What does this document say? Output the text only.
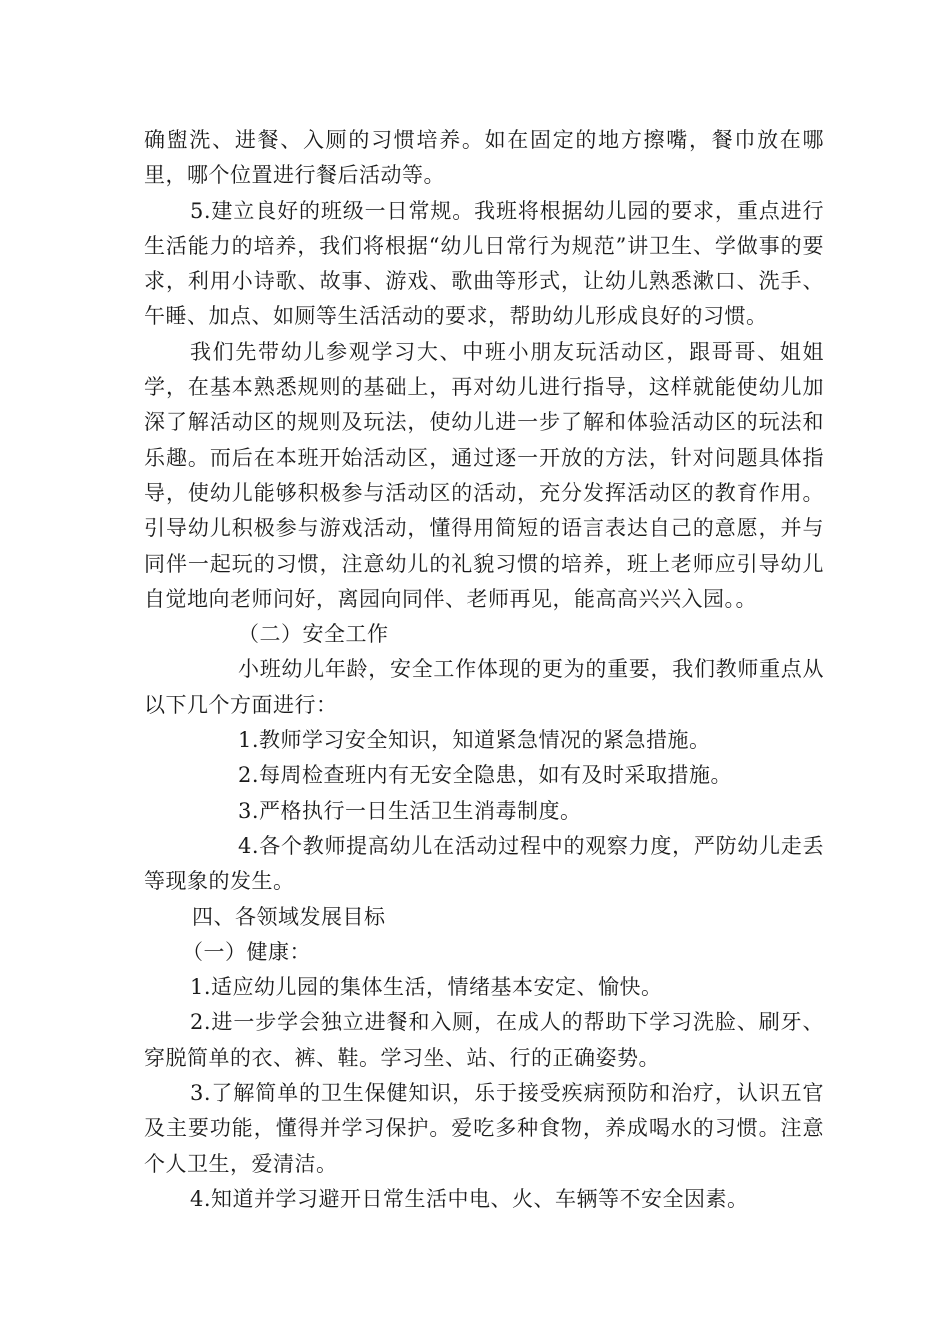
确盥洗、进餐、入厕的习惯培养。如在固定的地方擦嘴，餐巾放在哪里，哪个位置进行餐后活动等。

5.建立良好的班级一日常规。我班将根据幼儿园的要求，重点进行生活能力的培养，我们将根据“幼儿日常行为规范”讲卫生、学做事的要求，利用小诗歌、故事、游戏、歌曲等形式，让幼儿熟悉漱口、洗手、午睡、加点、如厕等生活活动的要求，帮助幼儿形成良好的习惯。

我们先带幼儿参观学习大、中班小朋友玩活动区，跟哥哥、姐姐学，在基本熟悉规则的基础上，再对幼儿进行指导，这样就能使幼儿加深了解活动区的规则及玩法，使幼儿进一步了解和体验活动区的玩法和乐趣。而后在本班开始活动区，通过逐一开放的方法，针对问题具体指导，使幼儿能够积极参与活动区的活动，充分发挥活动区的教育作用。引导幼儿积极参与游戏活动，懂得用简短的语言表达自己的意愿，并与同伴一起玩的习惯，注意幼儿的礼貌习惯的培养，班上老师应引导幼儿自觉地向老师问好，离园向同伴、老师再见，能高高兴兴入园。。

（二）安全工作

小班幼儿年龄，安全工作体现的更为的重要，我们教师重点从以下几个方面进行：

1.教师学习安全知识，知道紧急情况的紧急措施。

2.每周检查班内有无安全隐患，如有及时采取措施。

3.严格执行一日生活卫生消毒制度。

4.各个教师提高幼儿在活动过程中的观察力度，严防幼儿走丢等现象的发生。

四、各领域发展目标

（一）健康：

1.适应幼儿园的集体生活，情绪基本安定、愉快。

2.进一步学会独立进餐和入厕，在成人的帮助下学习洗脸、刷牙、穿脱简单的衣、裤、鞋。学习坐、站、行的正确姿势。

3.了解简单的卫生保健知识，乐于接受疾病预防和治疗，认识五官及主要功能，懂得并学习保护。爱吃多种食物，养成喝水的习惯。注意个人卫生，爱清洁。

4.知道并学习避开日常生活中电、火、车辆等不安全因素。
